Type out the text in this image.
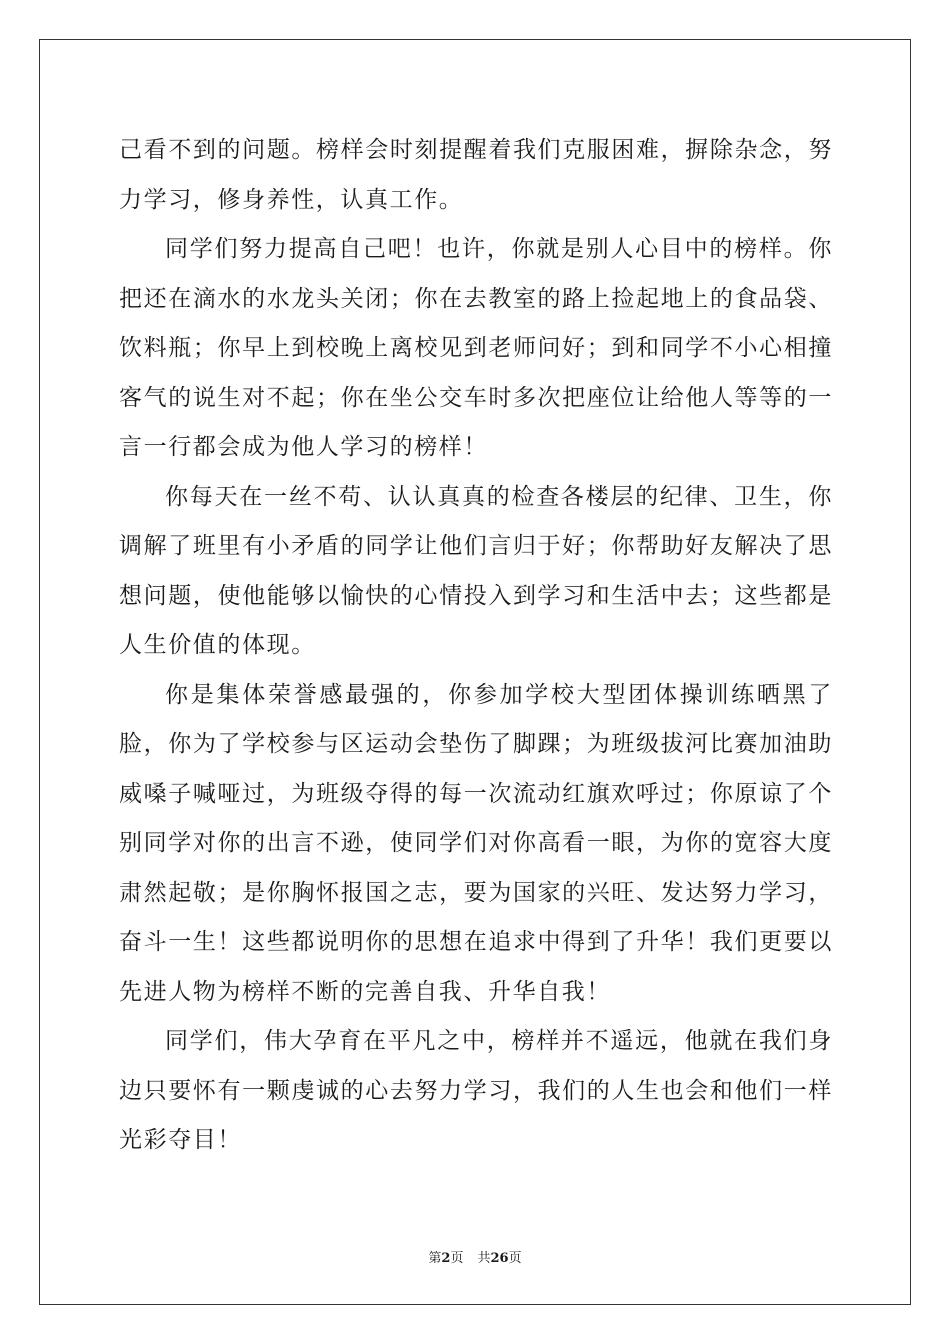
己看不到的问题。榜样会时刻提醒着我们克服困难，摒除杂念，努力学习，修身养性，认真工作。

同学们努力提高自己吧！也许，你就是别人心目中的榜样。你把还在滴水的水龙头关闭；你在去教室的路上捡起地上的食品袋、饮料瓶；你早上到校晚上离校见到老师问好；到和同学不小心相撞客气的说生对不起；你在坐公交车时多次把座位让给他人等等的一言一行都会成为他人学习的榜样！

你每天在一丝不苟、认认真真的检查各楼层的纪律、卫生，你调解了班里有小矛盾的同学让他们言归于好；你帮助好友解决了思想问题，使他能够以愉快的心情投入到学习和生活中去；这些都是人生价值的体现。

你是集体荣誉感最强的，你参加学校大型团体操训练晒黑了脸，你为了学校参与区运动会垫伤了脚踝；为班级拔河比赛加油助威嗓子喊哑过，为班级夺得的每一次流动红旗欢呼过；你原谅了个别同学对你的出言不逊，使同学们对你高看一眼，为你的宽容大度肃然起敬；是你胸怀报国之志，要为国家的兴旺、发达努力学习，奋斗一生！这些都说明你的思想在追求中得到了升华！我们更要以先进人物为榜样不断的完善自我、升华自我！

同学们，伟大孕育在平凡之中，榜样并不遥远，他就在我们身边只要怀有一颗虔诚的心去努力学习，我们的人生也会和他们一样光彩夺目！

第2页 共26页
